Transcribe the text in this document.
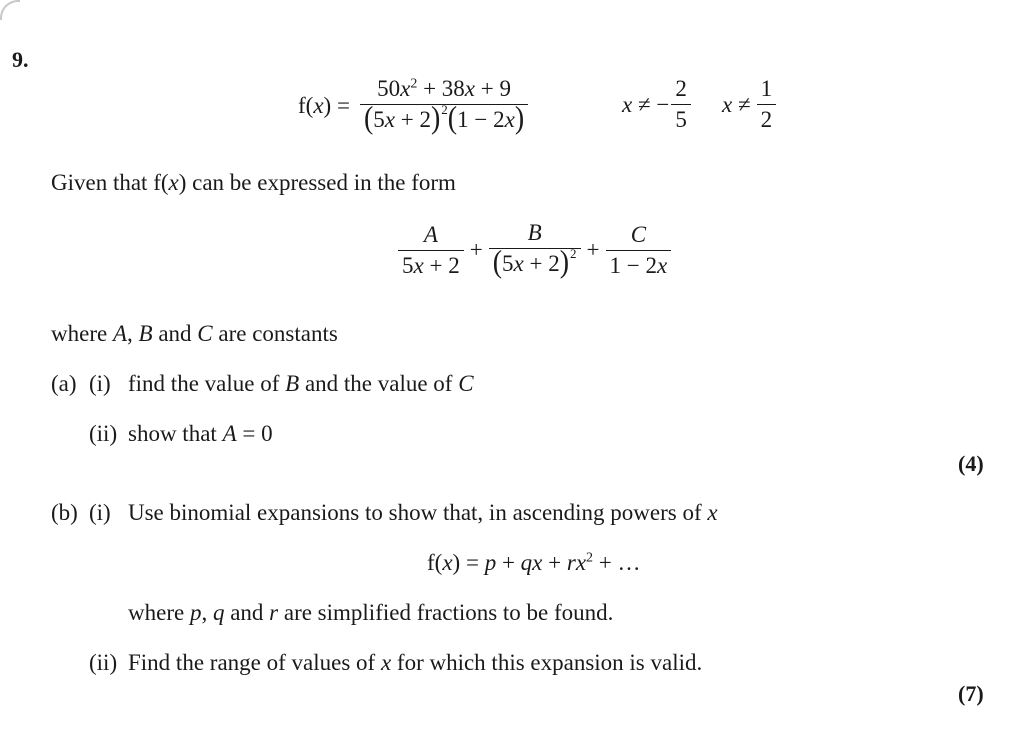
9.
$f(x) = \frac{50x^2 + 38x + 9}{(5x + 2)^2(1 - 2x)}$	x ≠ − $\frac{2}{5}$ $x \ne \frac{1}{2}$
Given that f(x) can be expressed in the form
$\frac{A}{5x + 2} + \frac{B}{(5x + 2)^2} + \frac{C}{1 - 2x}$
where A, B and C are constants
(a) (i) find the value of B and the value of C
(ii) show that A = 0
(4)
(b) (i) Use binomial expansions to show that, in ascending powers of x
f(x) = p + qx + $rx^2$ + …
where p, q and r are simplified fractions to be found.
(ii) Find the range of values of x for which this expansion is valid.
(7)
